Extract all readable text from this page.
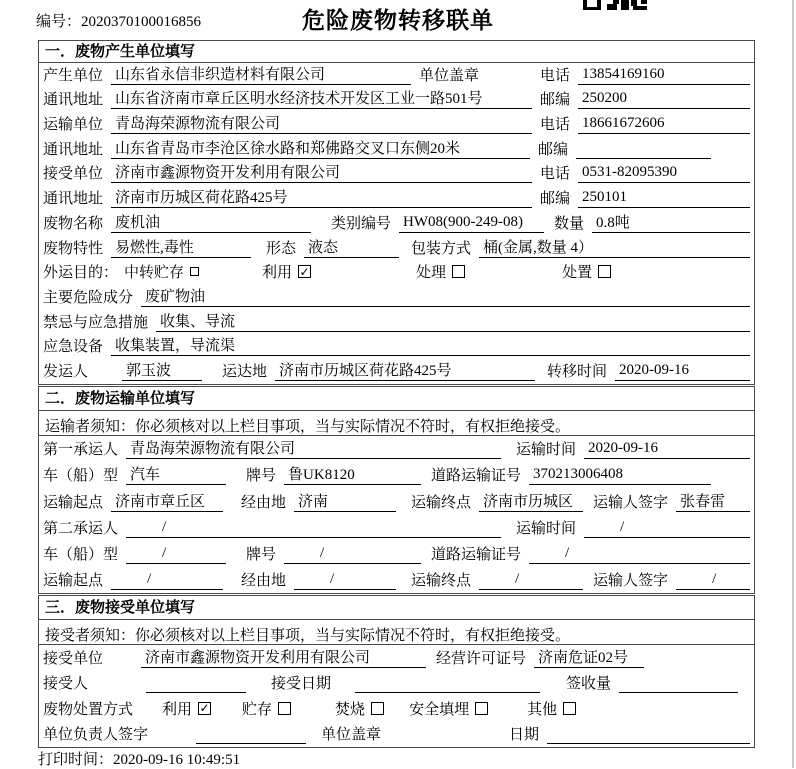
编号：2020370100016856	危险废物转移联单
一．废物产生单位填写
产生单位 山东省永信非织造材料有限公司	单位盖章	电话 13854169160
通讯地址 山东省济南市章丘区明水经济技术开发区工业一路501号	邮编 250200
运输单位 青岛海荣源物流有限公司	电话 18661672606
通讯地址 山东省青岛市李沧区徐水路和郑佛路交叉口东侧20米	邮编
接受单位 济南市鑫源物资开发利用有限公司	电话 0531-82095390
通讯地址 济南市历城区荷花路425号	邮编 250101
废物名称 废机油	类别编号 HW08(900-249-08)	数量 0.8吨
废物特性 易燃性,毒性	形态 液态	包装方式 桶(金属,数量 4）
外运目的： 中转贮存	利用 ✓	处理	处置
主要危险成分 废矿物油
禁忌与应急措施 收集、导流
应急设备 收集装置，导流渠
发运人	郭玉波	运达地 济南市历城区荷花路425号	转移时间 2020-09-16
二．废物运输单位填写
运输者须知：你必须核对以上栏目事项，当与实际情况不符时，有权拒绝接受。
第一承运人 青岛海荣源物流有限公司	运输时间 2020-09-16
车（船）型 汽车	牌号 鲁UK8120	道路运输证号 370213006408
运输起点 济南市章丘区	经由地 济南	运输终点 济南市历城区	运输人签字 张春雷
第二承运人	/	运输时间	/
车（船）型	/	牌号	/	道路运输证号	/
运输起点	/	经由地	/	运输终点	/	运输人签字	/
三．废物接受单位填写
接受者须知：你必须核对以上栏目事项，当与实际情况不符时，有权拒绝接受。
接受单位	济南市鑫源物资开发利用有限公司	经营许可证号 济南危证02号
接受人	接受日期	签收量
废物处置方式 利用 ✓ 贮存	焚烧	安全填埋	其他
单位负责人签字	单位盖章	日期
打印时间：2020-09-16 10:49:51
